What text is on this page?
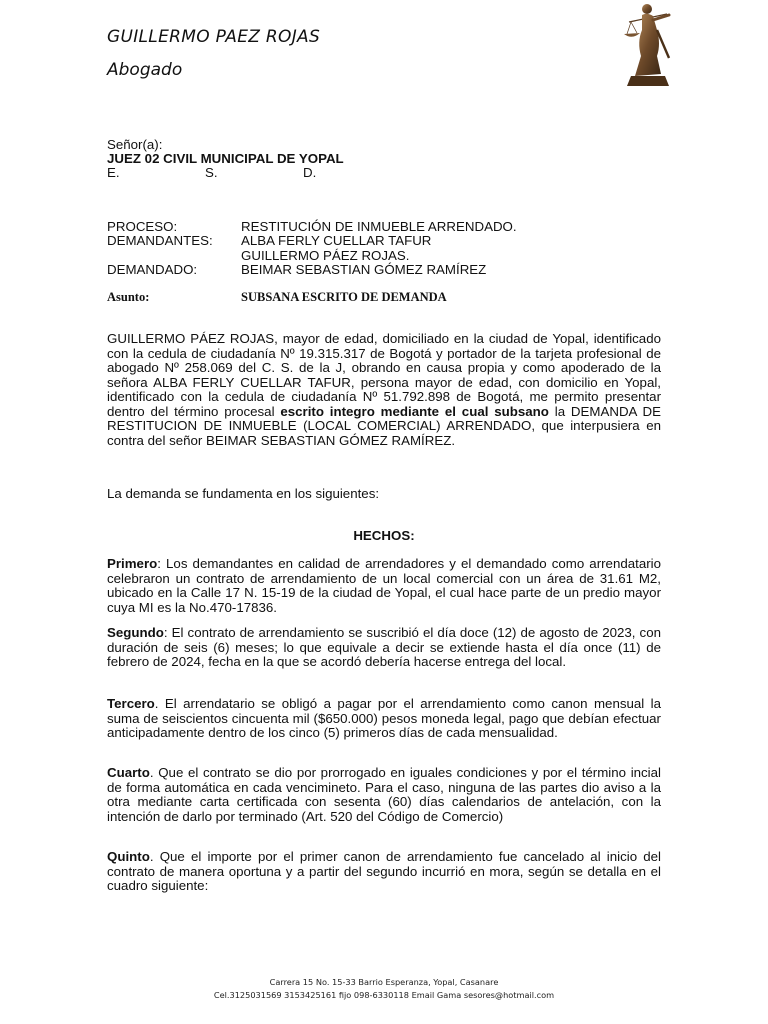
GUILLERMO PAEZ ROJAS
Abogado
Señor(a):
JUEZ 02 CIVIL MUNICIPAL DE YOPAL
E.	S.	D.
PROCESO:	RESTITUCIÓN DE INMUEBLE ARRENDADO.
DEMANDANTES:	ALBA FERLY CUELLAR TAFUR
GUILLERMO PÁEZ ROJAS.
DEMANDADO:	BEIMAR SEBASTIAN GÓMEZ RAMÍREZ
Asunto:	SUBSANA ESCRITO DE DEMANDA
GUILLERMO PÁEZ ROJAS, mayor de edad, domiciliado en la ciudad de Yopal, identificado con la cedula de ciudadanía Nº 19.315.317 de Bogotá y portador de la tarjeta profesional de abogado Nº 258.069 del C. S. de la J, obrando en causa propia y como apoderado de la señora ALBA FERLY CUELLAR TAFUR, persona mayor de edad, con domicilio en Yopal, identificado con la cedula de ciudadanía Nº 51.792.898 de Bogotá, me permito presentar dentro del término procesal escrito integro mediante el cual subsano la DEMANDA DE RESTITUCION DE INMUEBLE (LOCAL COMERCIAL) ARRENDADO, que interpusiera en contra del señor BEIMAR SEBASTIAN GÓMEZ RAMÍREZ.
La demanda se fundamenta en los siguientes:
HECHOS:
Primero: Los demandantes en calidad de arrendadores y el demandado como arrendatario celebraron un contrato de arrendamiento de un local comercial con un área de 31.61 M2, ubicado en la Calle 17 N. 15-19 de la ciudad de Yopal, el cual hace parte de un predio mayor cuya MI es la No.470-17836.
Segundo: El contrato de arrendamiento se suscribió el día doce (12) de agosto de 2023, con duración de seis (6) meses; lo que equivale a decir se extiende hasta el día once (11) de febrero de 2024, fecha en la que se acordó debería hacerse entrega del local.
Tercero. El arrendatario se obligó a pagar por el arrendamiento como canon mensual la suma de seiscientos cincuenta mil ($650.000) pesos moneda legal, pago que debían efectuar anticipadamente dentro de los cinco (5) primeros días de cada mensualidad.
Cuarto. Que el contrato se dio por prorrogado en iguales condiciones y por el término incial de forma automática en cada vencimineto. Para el caso, ninguna de las partes dio aviso a la otra mediante carta certificada con sesenta (60) días calendarios de antelación, con la intención de darlo por terminado (Art. 520 del Código de Comercio)
Quinto. Que el importe por el primer canon de arrendamiento fue cancelado al inicio del contrato de manera oportuna y a partir del segundo incurrió en mora, según se detalla en el cuadro siguiente:
Carrera 15 No. 15-33 Barrio Esperanza, Yopal, Casanare
Cel.3125031569 3153425161 fijo 098-6330118 Email Gama sesores@hotmail.com
